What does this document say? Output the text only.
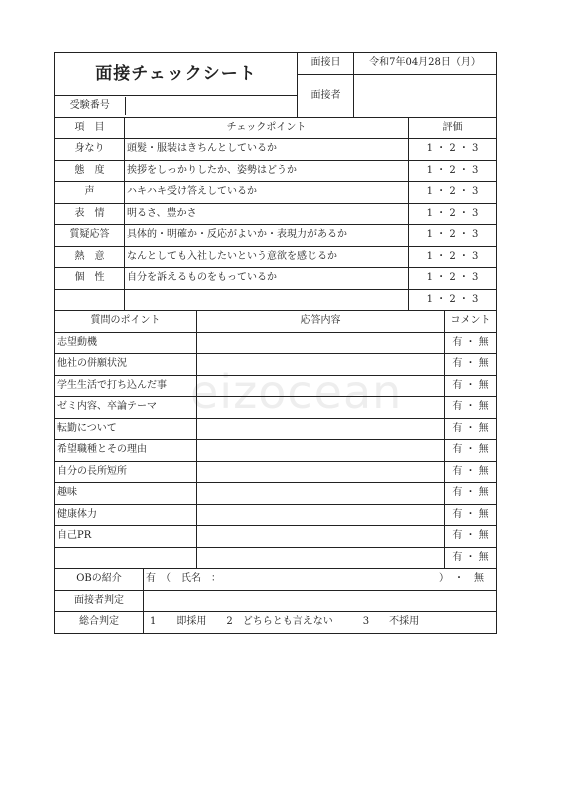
eizocean
面接チェックシート	面接日	令和7年04月28日（月）
面接者	

受験番号	
項　目	チェックポイント	評価
身なり	頭髪・服装はきちんとしているか	1 ・ 2 ・ 3
態　度	挨拶をしっかりしたか、姿勢はどうか	1 ・ 2 ・ 3
声	ハキハキ受け答えしているか	1 ・ 2 ・ 3
表　情	明るさ、豊かさ	1 ・ 2 ・ 3
質疑応答	具体的・明確か・反応がよいか・表現力があるか	1 ・ 2 ・ 3
熱　意	なんとしても入社したいという意欲を感じるか	1 ・ 2 ・ 3
個　性	自分を訴えるものをもっているか	1 ・ 2 ・ 3
		1 ・ 2 ・ 3
質問のポイント	応答内容	コメント
志望動機		有 ・ 無
他社の併願状況		有 ・ 無
学生生活で打ち込んだ事		有 ・ 無
ゼミ内容、卒論テーマ		有 ・ 無
転勤について		有 ・ 無
希望職種とその理由		有 ・ 無
自分の長所短所		有 ・ 無
趣味		有 ・ 無
健康体力		有 ・ 無
自己PR		有 ・ 無
		有 ・ 無
OBの紹介	有　（　氏名　： ）　・　無

面接者判定	
総合判定	1　　即採用　　2　どちらとも言えない　　　3　　不採用
